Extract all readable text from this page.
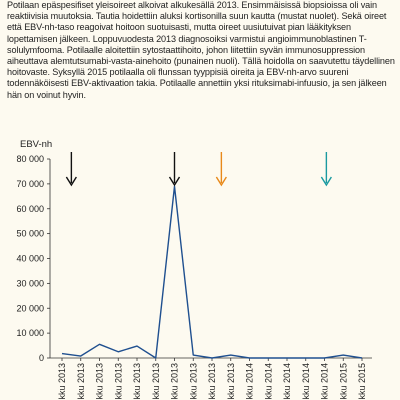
Potilaan epäspesifiset yleisoireet alkoivat alkukesällä 2013. Ensimmäisissä biopsioissa oli vain reaktiivisia muutoksia. Tautia hoidettiin aluksi kortisonilla suun kautta (mustat nuolet). Sekä oireet että EBV-nh-taso reagoivat hoitoon suotuisasti, mutta oireet uusiutuivat pian lääkityksen lopettamisen jälkeen. Loppuvuodesta 2013 diagnosoiksi varmistui angioimmunoblastinen T-solulymfooma. Potilaalle aloitettiin sytostaattihoito, johon liitettiin syvän immunosuppression aiheuttava alemtutsumabi-vasta-ainehoito (punainen nuoli). Tällä hoidolla on saavutettu täydellinen hoitovaste. Syksyllä 2015 potilaalla oli flunssan tyyppisiä oireita ja EBV-nh-arvo suureni todennäköisesti EBV-aktivaation takia. Potilaalle annettiin yksi rituksimabi-infuusio, ja sen jälkeen hän on voinut hyvin.

EBV-nh
0
10 000
20 000
30 000
40 000
50 000
60 000
70 000
80 000
kku 2013 kku 2013 kku 2013 kku 2013 kku 2013 kku 2013 kku 2013 kku 2013 kku 2013 kku 2013 kku 2014 kku 2014 kku 2014 kku 2014 kku 2014 kku 2015 kku 2015
